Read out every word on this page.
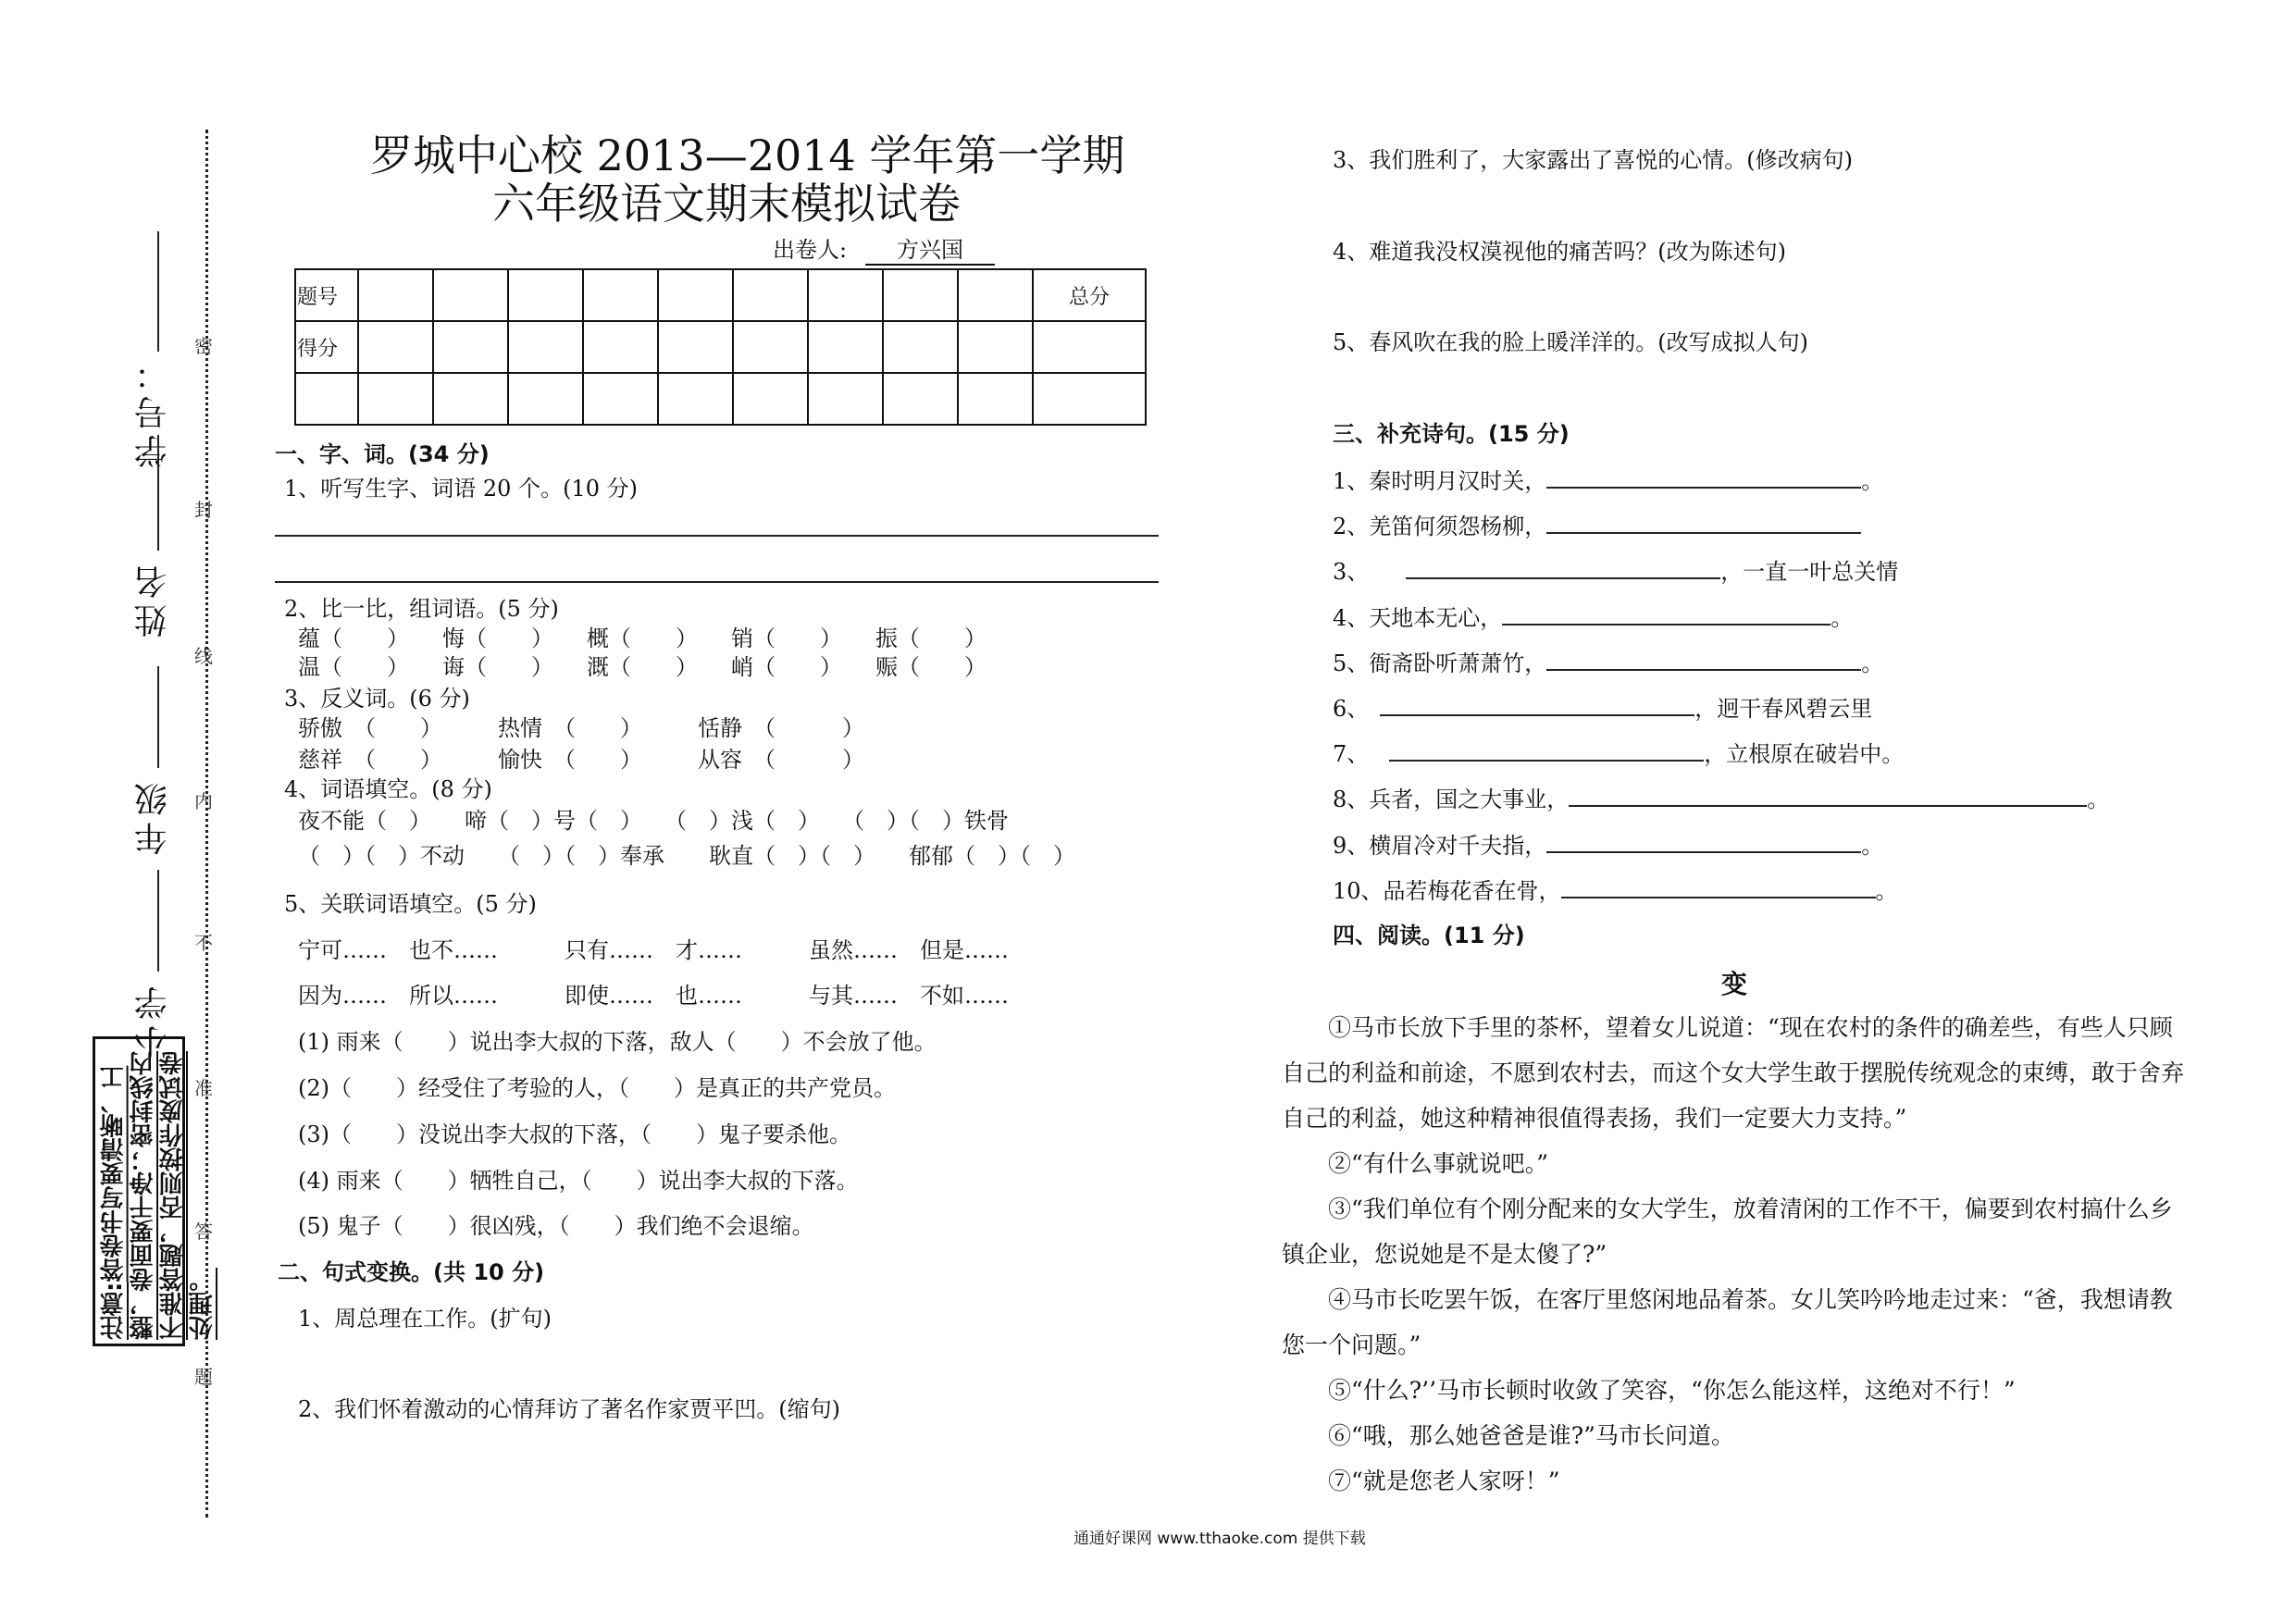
学号：
姓名
年级
小学
密
封
线
内
不
准
答
题
注意:答卷书写要清晰、工整，卷面要干净；密封线内不准答题，否则按作废试卷处理。
罗城中心校 2013—2014 学年第一学期
六年级语文期末模拟试卷
出卷人:	方兴国
题号										总分
得分										

一、字、词。(34 分)
1、听写生字、词语 20 个。(10 分)
2、比一比，组词语。(5 分)
蕴（　　）　　悔（　　）　　概（　　）　　销（　　）　　振（　　）
温（　　）　　诲（　　）　　溉（　　）　　峭（　　）　　赈（　　）
3、反义词。(6 分)
骄傲　（　　）　　　热情　（　　）　　　恬静　（　　　）
慈祥　（　　）　　　愉快　（　　）　　　从容　（　　　）
4、词语填空。(8 分)
夜不能（　）　　啼（　）号（　）　　（　）浅（　）　　（　）（　）铁骨
（　）（　）不动　　（　）（　）奉承　　耿直（　）（　）　　郁郁（　）（　）
5、关联词语填空。(5 分)
宁可……　也不……　　　只有……　才……　　　虽然……　但是……
因为……　所以……　　　即使……　也……　　　与其……　不如……
(1) 雨来（　　）说出李大叔的下落，敌人（　　）不会放了他。
(2)（　　）经受住了考验的人，（　　）是真正的共产党员。
(3)（　　）没说出李大叔的下落，（　　）鬼子要杀他。
(4) 雨来（　　）牺牲自己，（　　）说出李大叔的下落。
(5) 鬼子（　　）很凶残，（　　）我们绝不会退缩。
二、句式变换。(共 10 分)
1、周总理在工作。(扩句)
2、我们怀着激动的心情拜访了著名作家贾平凹。(缩句)
3、我们胜利了，大家露出了喜悦的心情。(修改病句)
4、难道我没权漠视他的痛苦吗？(改为陈述句)
5、春风吹在我的脸上暖洋洋的。(改写成拟人句)
三、补充诗句。(15 分)
1、秦时明月汉时关，	。
2、羌笛何须怨杨柳，
3、	，一直一叶总关情
4、天地本无心，	。
5、衙斋卧听萧萧竹，	。
6、	，迥干春风碧云里
7、	，立根原在破岩中。
8、兵者，国之大事业，	。
9、横眉冷对千夫指，	。
10、品若梅花香在骨，	。
四、阅读。(11 分)
变
①马市长放下手里的茶杯，望着女儿说道：“现在农村的条件的确差些，有些人只顾自己的利益和前途，不愿到农村去，而这个女大学生敢于摆脱传统观念的束缚，敢于舍弃自己的利益，她这种精神很值得表扬，我们一定要大力支持。”
②“有什么事就说吧。”
③“我们单位有个刚分配来的女大学生，放着清闲的工作不干，偏要到农村搞什么乡镇企业，您说她是不是太傻了?”
④马市长吃罢午饭，在客厅里悠闲地品着茶。女儿笑吟吟地走过来：“爸，我想请教您一个问题。”
⑤“什么?’’马市长顿时收敛了笑容，“你怎么能这样，这绝对不行！”
⑥“哦，那么她爸爸是谁?”马市长问道。
⑦“就是您老人家呀！”
通通好课网 www.tthaoke.com 提供下载
